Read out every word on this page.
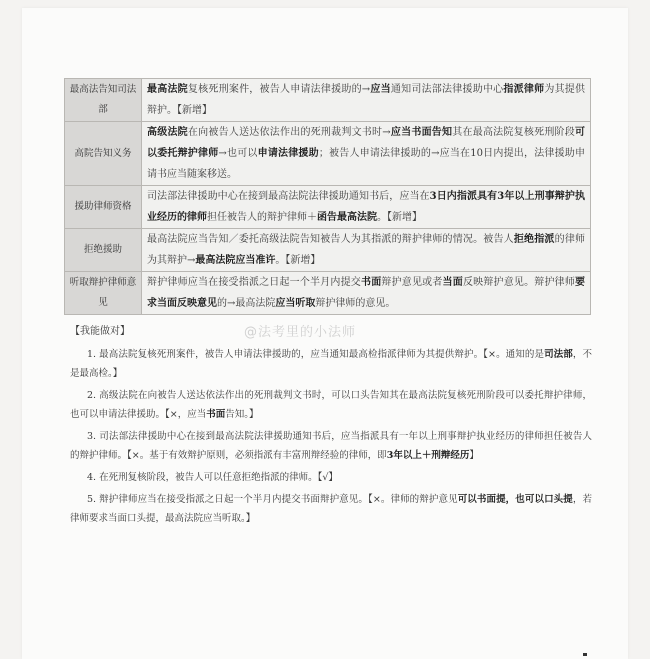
最高法告知司法部	最高法院复核死刑案件，被告人申请法律援助的→应当通知司法部法律援助中心指派律师为其提供辩护。【新增】
高院告知义务	高级法院在向被告人送达依法作出的死刑裁判文书时→应当书面告知其在最高法院复核死刑阶段可以委托辩护律师→也可以申请法律援助；被告人申请法律援助的→应当在10日内提出，法律援助申请书应当随案移送。
援助律师资格	司法部法律援助中心在接到最高法院法律援助通知书后，应当在3日内指派具有3年以上刑事辩护执业经历的律师担任被告人的辩护律师＋函告最高法院。【新增】
拒绝援助	最高法院应当告知／委托高级法院告知被告人为其指派的辩护律师的情况。被告人拒绝指派的律师为其辩护→最高法院应当准许。【新增】
听取辩护律师意见	辩护律师应当在接受指派之日起一个半月内提交书面辩护意见或者当面反映辩护意见。辩护律师要求当面反映意见的→最高法院应当听取辩护律师的意见。
【我能做对】

1. 最高法院复核死刑案件，被告人申请法律援助的，应当通知最高检指派律师为其提供辩护。【×。通知的是司法部，不是最高检。】

2. 高级法院在向被告人送达依法作出的死刑裁判文书时，可以口头告知其在最高法院复核死刑阶段可以委托辩护律师，也可以申请法律援助。【×，应当书面告知。】

3. 司法部法律援助中心在接到最高法院法律援助通知书后，应当指派具有一年以上刑事辩护执业经历的律师担任被告人的辩护律师。【×。基于有效辩护原则，必须指派有丰富刑辩经验的律师，即3年以上＋刑辩经历】

4. 在死刑复核阶段，被告人可以任意拒绝指派的律师。【√】

5. 辩护律师应当在接受指派之日起一个半月内提交书面辩护意见。【×。律师的辩护意见可以书面提，也可以口头提，若律师要求当面口头提，最高法院应当听取。】

@法考里的小法师
